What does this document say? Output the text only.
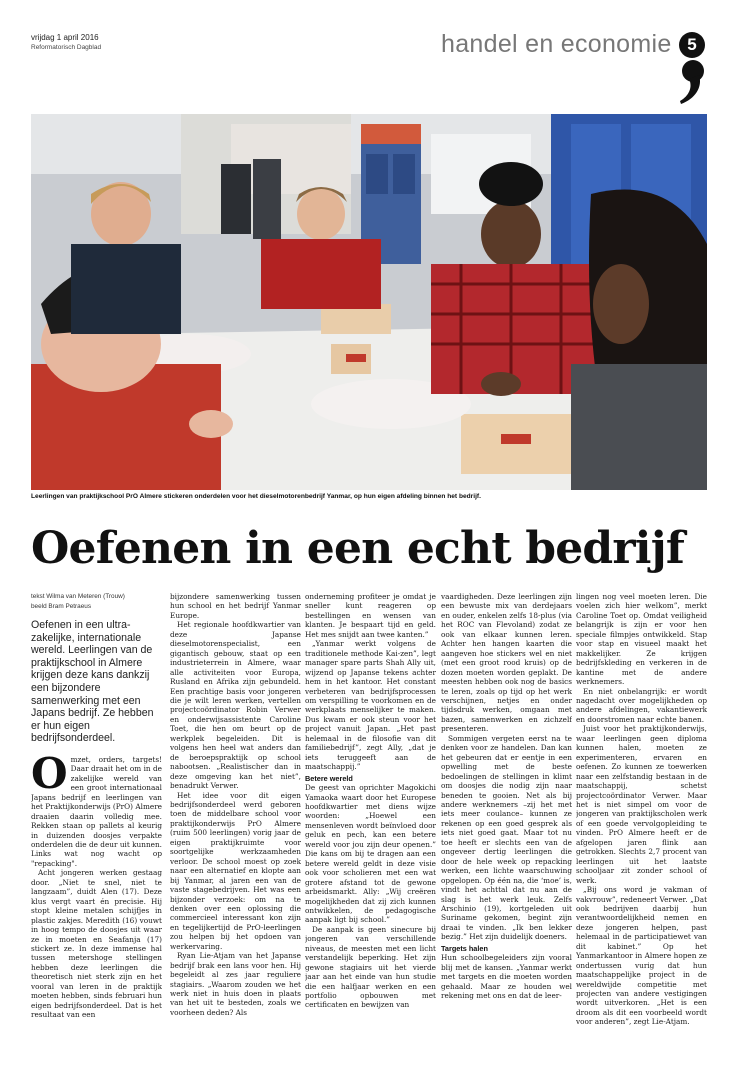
vrijdag 1 april 2016
Reformatorisch Dagblad	handel en economie 5
Leerlingen van praktijkschool PrO Almere stickeren onderdelen voor het dieselmotorenbedrijf Yanmar, op hun eigen afdeling binnen het bedrijf.
Oefenen in een echt bedrijf
tekst Wilma van Meteren (Trouw)
beeld Bram Petraeus
Oefenen in een ultra-zakelijke, internationale wereld. Leerlingen van de praktijkschool in Almere krijgen deze kans dankzij een bijzondere samenwerking met een Japans bedrijf. Ze hebben er hun eigen bedrijfsonderdeel.
Omzet, orders, targets! Daar draait het om in de zakelijke wereld van een groot internationaal Japans bedrijf en leerlingen van het Praktijkonderwijs (PrO) Almere draaien daarin volledig mee. Rekken staan op pallets al keurig in duizenden doosjes verpakte onderdelen die de deur uit kunnen. Links wat nog wacht op "repacking".

Acht jongeren werken gestaag door. „Niet te snel, niet te langzaam”, duidt Alen (17). Deze klus vergt vaart én precisie. Hij stopt kleine metalen schijfjes in plastic zakjes. Meredith (16) vouwt in hoog tempo de doosjes uit waar ze in moeten en Seafanja (17) stickert ze. In deze immense hal tussen metershoge stellingen hebben deze leerlingen die theoretisch niet sterk zijn en het vooral van leren in de praktijk moeten hebben, sinds februari hun eigen bedrijfsonderdeel. Dat is het resultaat van een

bijzondere samenwerking tussen hun school en het bedrijf Yanmar Europe.

Het regionale hoofdkwartier van deze Japanse dieselmotorenspecialist, een gigantisch gebouw, staat op een industrieterrein in Almere, waar alle activiteiten voor Europa, Rusland en Afrika zijn gebundeld. Een prachtige basis voor jongeren die je wilt leren werken, vertellen projectcoördinator Robin Verwer en onderwijsassistente Caroline Toet, die hen om beurt op de werkplek begeleiden. Dit is volgens hen heel wat anders dan de beroepspraktijk op school nabootsen. „Realistischer dan in deze omgeving kan het niet”, benadrukt Verwer.

Het idee voor dit eigen bedrijfsonderdeel werd geboren toen de middelbare school voor praktijkonderwijs PrO Almere (ruim 500 leerlingen) vorig jaar de eigen praktijkruimte voor soortgelijke werkzaamheden verloor. De school moest op zoek naar een alternatief en klopte aan bij Yanmar, al jaren een van de vaste stagebedrijven. Het was een bijzonder verzoek: om na te denken over een oplossing die commercieel interessant kon zijn en tegelijkertijd de PrO-leerlingen zou helpen bij het opdoen van werkervaring.

Ryan Lie-Atjam van het Japanse bedrijf brak een lans voor hen. Hij begeleidt al zes jaar reguliere stagiairs. „Waarom zouden we het werk niet in huis doen in plaats van het uit te besteden, zoals we voorheen deden? Als

onderneming profiteer je omdat je sneller kunt reageren op bestellingen en wensen van klanten. Je bespaart tijd en geld. Het mes snijdt aan twee kanten.”

„Yanmar werkt volgens de traditionele methode Kai-zen”, legt manager spare parts Shah Ally uit, wijzend op Japanse tekens achter hem in het kantoor. Het constant verbeteren van bedrijfsprocessen om verspilling te voorkomen en de werkplaats menselijker te maken. Dus kwam er ook steun voor het project vanuit Japan. „Het past helemaal in de filosofie van dit familiebedrijf”, zegt Ally, „dat je iets teruggeeft aan de maatschappij.”

Betere wereld

De geest van oprichter Magokichi Yamaoka waart door het Europese hoofdkwartier met diens wijze woorden: „Hoewel een mensenleven wordt beïnvloed door geluk en pech, kan een betere wereld voor jou zijn deur openen.” Die kans om bij te dragen aan een betere wereld geldt in deze visie ook voor scholieren met een wat grotere afstand tot de gewone arbeidsmarkt. Ally: „Wij creëren mogelijkheden dat zij zich kunnen ontwikkelen, de pedagogische aanpak ligt bij school.”

De aanpak is geen sinecure bij jongeren van verschillende niveaus, de meesten met een licht verstandelijk beperking. Het zijn gewone stagiairs uit het vierde jaar aan het einde van hun studie die een halfjaar werken en een portfolio opbouwen met certificaten en bewijzen van

vaardigheden. Deze leerlingen zijn een bewuste mix van derdejaars en ouder, enkelen zelfs 18-plus (via het ROC van Flevoland) zodat ze ook van elkaar kunnen leren. Achter hen hangen kaarten die aangeven hoe stickers wel en niet (met een groot rood kruis) op de dozen moeten worden geplakt. De meesten hebben ook nog de basics te leren, zoals op tijd op het werk verschijnen, netjes en onder tijdsdruk werken, omgaan met bazen, samenwerken en zichzelf presenteren.

Sommigen vergeten eerst na te denken voor ze handelen. Dan kan het gebeuren dat er eentje in een opwelling met de beste bedoelingen de stellingen in klimt om doosjes die nodig zijn naar beneden te gooien. Net als bij andere werknemers –zij het met iets meer coulance– kunnen ze rekenen op een goed gesprek als iets niet goed gaat. Maar tot nu toe heeft er slechts een van de ongeveer dertig leerlingen die door de hele week op repacking werken, een lichte waarschuwing opgelopen. Op één na, die ‘moe’ is, vindt het achttal dat nu aan de slag is het werk leuk. Zelfs Arschinio (19), kortgeleden uit Suriname gekomen, begint zijn draai te vinden. „Ik ben lekker bezig.” Het zijn duidelijk doeners.

Targets halen

Hun schoolbegeleiders zijn vooral blij met de kansen. „Yanmar werkt met targets en die moeten worden gehaald. Maar ze houden wel rekening met ons en dat de leer-

lingen nog veel moeten leren. Die voelen zich hier welkom”, merkt Caroline Toet op. Omdat veiligheid belangrijk is zijn er voor hen speciale filmpjes ontwikkeld. Stap voor stap en visueel maakt het makkelijker. Ze krijgen bedrijfskleding en verkeren in de kantine met de andere werknemers.

En niet onbelangrijk: er wordt nagedacht over mogelijkheden op andere afdelingen, vakantiewerk en doorstromen naar echte banen.

Juist voor het praktijkonderwijs, waar leerlingen geen diploma kunnen halen, moeten ze experimenteren, ervaren en oefenen. Zo kunnen ze toewerken naar een zelfstandig bestaan in de maatschappij, schetst projectcoördinator Verwer. Maar het is niet simpel om voor de jongeren van praktijkscholen werk of een goede vervolgopleiding te vinden. PrO Almere heeft er de afgelopen jaren flink aan getrokken. Slechts 2,7 procent van leerlingen uit het laatste schooljaar zit zonder school of werk.

„Bij ons word je vakman of vakvrouw”, redeneert Verwer. „Dat ook bedrijven daarbij hun verantwoordelijkheid nemen en deze jongeren helpen, past helemaal in de participatiewet van dit kabinet.” Op het Yanmarkantoor in Almere hopen ze ondertussen vurig dat hun maatschappelijke project in de wereldwijde competitie met projecten van andere vestigingen wordt uitverkoren. „Het is een droom als dit een voorbeeld wordt voor anderen”, zegt Lie-Atjam.
